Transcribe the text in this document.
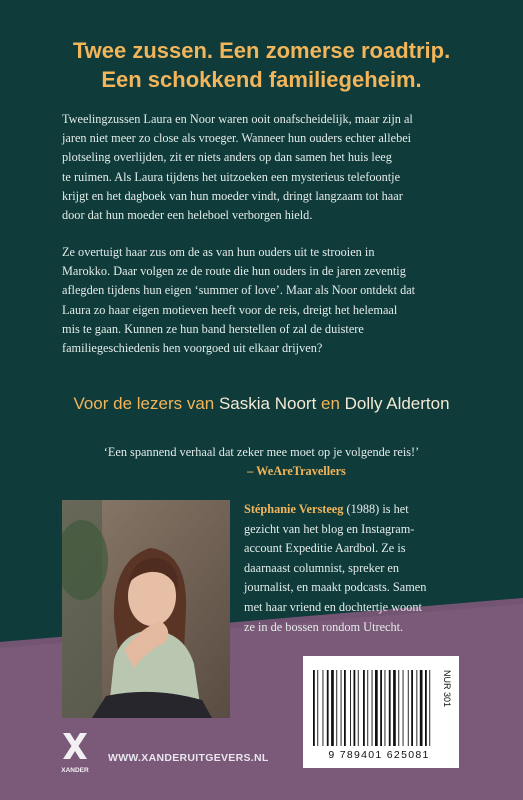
Twee zussen. Een zomerse roadtrip.
Een schokkend familiegeheim.
Tweelingzussen Laura en Noor waren ooit onafscheidelijk, maar zijn al
jaren niet meer zo close als vroeger. Wanneer hun ouders echter allebei
plotseling overlijden, zit er niets anders op dan samen het huis leeg
te ruimen. Als Laura tijdens het uitzoeken een mysterieus telefoontje
krijgt en het dagboek van hun moeder vindt, dringt langzaam tot haar
door dat hun moeder een heleboel verborgen hield.
Ze overtuigt haar zus om de as van hun ouders uit te strooien in
Marokko. Daar volgen ze de route die hun ouders in de jaren zeventig
aflegden tijdens hun eigen ‘summer of love’. Maar als Noor ontdekt dat
Laura zo haar eigen motieven heeft voor de reis, dreigt het helemaal
mis te gaan. Kunnen ze hun band herstellen of zal de duistere
familiegeschiedenis hen voorgoed uit elkaar drijven?
Voor de lezers van Saskia Noort en Dolly Alderton
‘Een spannend verhaal dat zeker mee moet op je volgende reis!’
– WeAreTravellers
Stéphanie Versteeg (1988) is het
gezicht van het blog en Instagram-
account Expeditie Aardbol. Ze is
daarnaast columnist, spreker en
journalist, en maakt podcasts. Samen
met haar vriend en dochtertje woont
ze in de bossen rondom Utrecht.
NUR 301
9 789401 625081
XANDER
WWW.XANDERUITGEVERS.NL
